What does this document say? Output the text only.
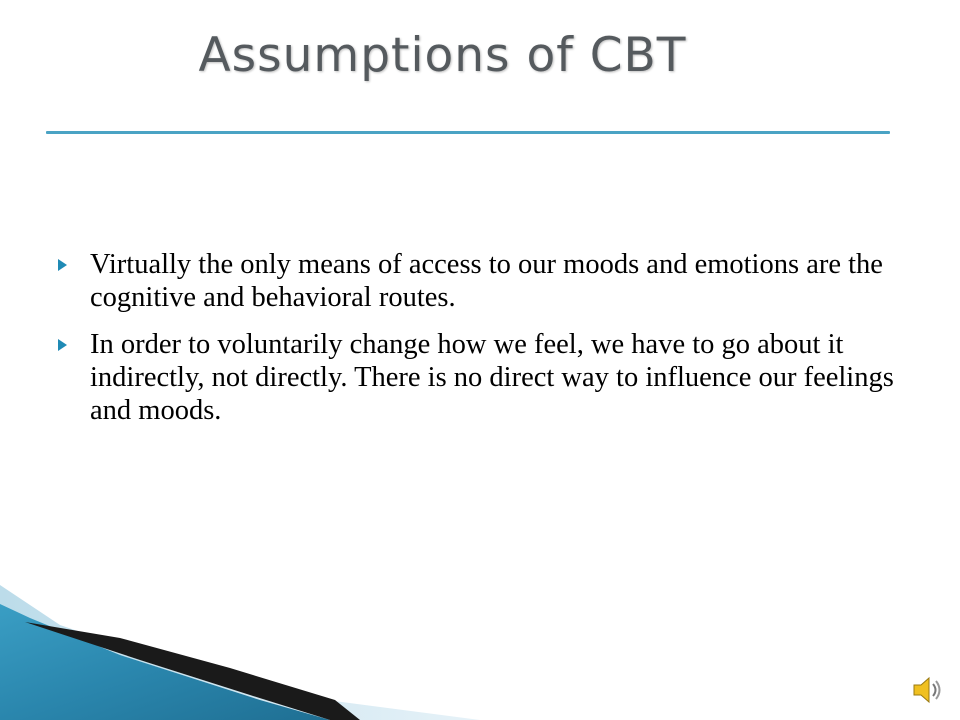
Assumptions of CBT
Virtually the only means of access to our moods and emotions are the cognitive and behavioral routes.
In order to voluntarily change how we feel, we have to go about it indirectly, not directly. There is no direct way to influence our feelings and moods.
